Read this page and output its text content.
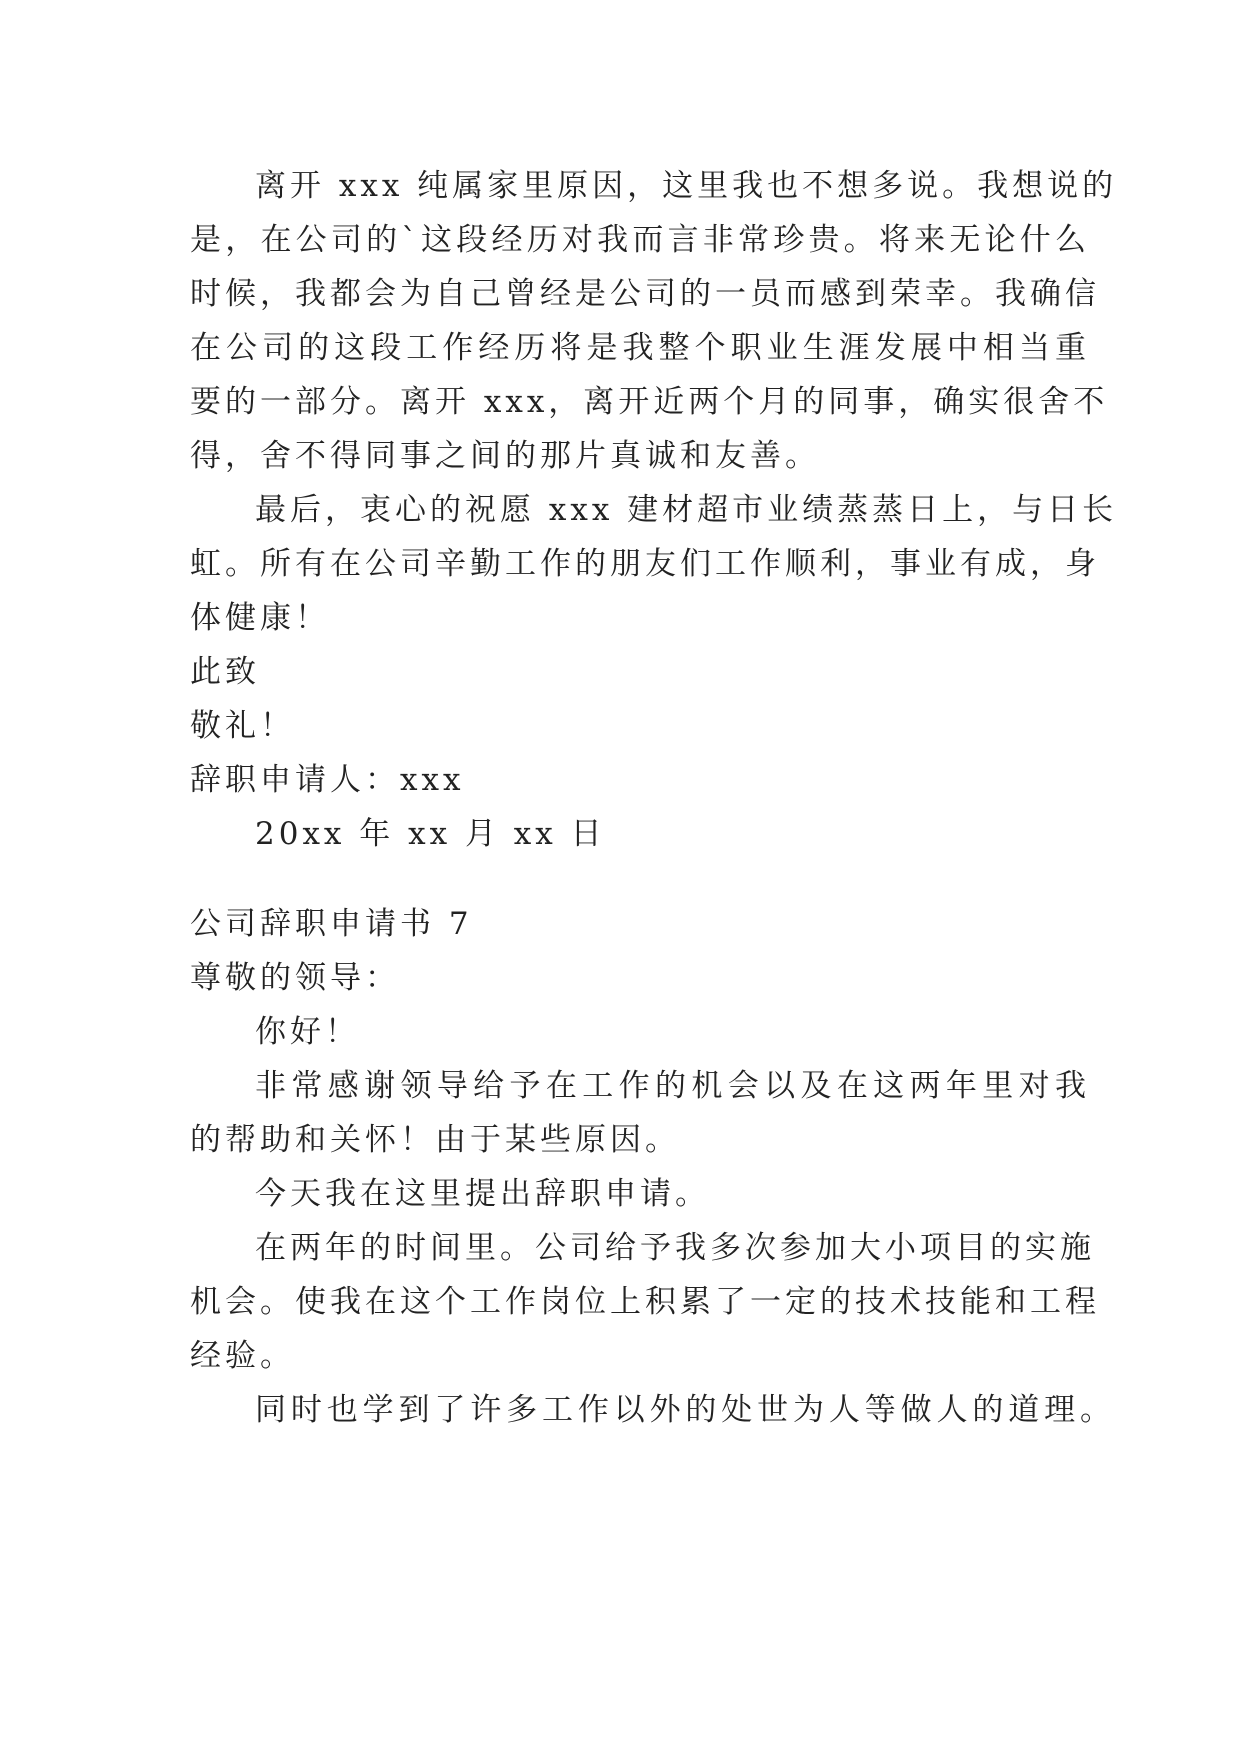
离开 xxx 纯属家里原因，这里我也不想多说。我想说的
是，在公司的`这段经历对我而言非常珍贵。将来无论什么
时候，我都会为自己曾经是公司的一员而感到荣幸。我确信
在公司的这段工作经历将是我整个职业生涯发展中相当重
要的一部分。离开 xxx，离开近两个月的同事，确实很舍不
得，舍不得同事之间的那片真诚和友善。
最后，衷心的祝愿 xxx 建材超市业绩蒸蒸日上，与日长
虹。所有在公司辛勤工作的朋友们工作顺利，事业有成，身
体健康！
此致
敬礼！
辞职申请人：xxx
20xx 年 xx 月 xx 日
公司辞职申请书 7
尊敬的领导：
你好！
非常感谢领导给予在工作的机会以及在这两年里对我
的帮助和关怀！由于某些原因。
今天我在这里提出辞职申请。
在两年的时间里。公司给予我多次参加大小项目的实施
机会。使我在这个工作岗位上积累了一定的技术技能和工程
经验。
同时也学到了许多工作以外的处世为人等做人的道理。
